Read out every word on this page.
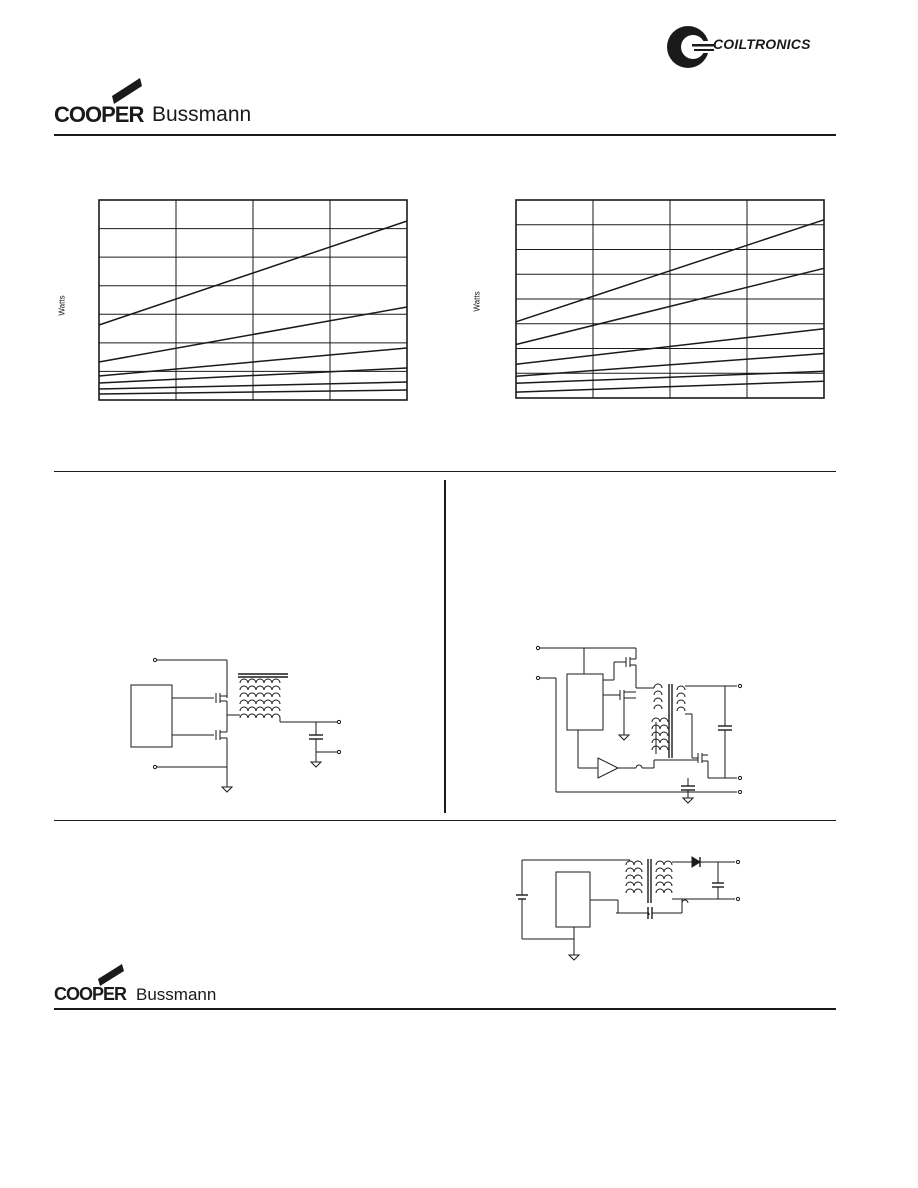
COILTRONICS
COOPER Bussmann
Watts	Watts
COOPER Bussmann
